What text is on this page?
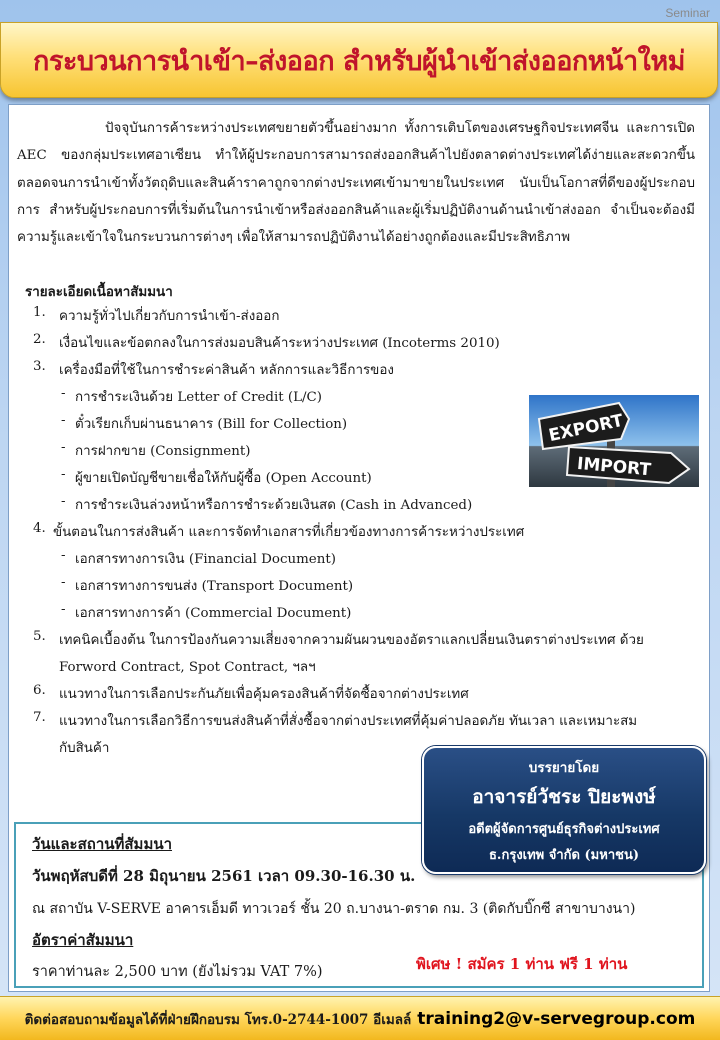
Seminar
กระบวนการนำเข้า–ส่งออก สำหรับผู้นำเข้าส่งออกหน้าใหม่

ปัจจุบันการค้าระหว่างประเทศขยายตัวขึ้นอย่างมาก ทั้งการเติบโตของเศรษฐกิจประเทศจีน และการเปิด AEC ของกลุ่มประเทศอาเซียน ทำให้ผู้ประกอบการสามารถส่งออกสินค้าไปยังตลาดต่างประเทศได้ง่ายและสะดวกขึ้น ตลอดจนการนำเข้าทั้งวัตถุดิบและสินค้าราคาถูกจากต่างประเทศเข้ามาขายในประเทศ นับเป็นโอกาสที่ดีของผู้ประกอบการ สำหรับผู้ประกอบการที่เริ่มต้นในการนำเข้าหรือส่งออกสินค้าและผู้เริ่มปฏิบัติงานด้านนำเข้าส่งออก จำเป็นจะต้องมีความรู้และเข้าใจในกระบวนการต่างๆ เพื่อให้สามารถปฏิบัติงานได้อย่างถูกต้องและมีประสิทธิภาพ

รายละเอียดเนื้อหาสัมมนา
1. ความรู้ทั่วไปเกี่ยวกับการนำเข้า-ส่งออก
2. เงื่อนไขและข้อตกลงในการส่งมอบสินค้าระหว่างประเทศ (Incoterms 2010)
3. เครื่องมือที่ใช้ในการชำระค่าสินค้า หลักการและวิธีการของ
- การชำระเงินด้วย Letter of Credit (L/C)
- ตั๋วเรียกเก็บผ่านธนาคาร (Bill for Collection)
- การฝากขาย (Consignment)
- ผู้ขายเปิดบัญชีขายเชื่อให้กับผู้ซื้อ (Open Account)
- การชำระเงินล่วงหน้าหรือการชำระด้วยเงินสด (Cash in Advanced)
4. ขั้นตอนในการส่งสินค้า และการจัดทำเอกสารที่เกี่ยวข้องทางการค้าระหว่างประเทศ
- เอกสารทางการเงิน (Financial Document)
- เอกสารทางการขนส่ง (Transport Document)
- เอกสารทางการค้า (Commercial Document)
5. เทคนิคเบื้องต้น ในการป้องกันความเสี่ยงจากความผันผวนของอัตราแลกเปลี่ยนเงินตราต่างประเทศ ด้วย
Forword Contract, Spot Contract, ฯลฯ
6. แนวทางในการเลือกประกันภัยเพื่อคุ้มครองสินค้าที่จัดซื้อจากต่างประเทศ
7. แนวทางในการเลือกวิธีการขนส่งสินค้าที่สั่งซื้อจากต่างประเทศที่คุ้มค่าปลอดภัย ทันเวลา และเหมาะสม
กับสินค้า
EXPORT
IMPORT
วันและสถานที่สัมมนา
วันพฤหัสบดีที่ 28 มิถุนายน 2561 เวลา 09.30-16.30 น.
ณ สถาบัน V-SERVE อาคารเอ็มดี ทาวเวอร์ ชั้น 20 ถ.บางนา-ตราด กม. 3 (ติดกับบิ๊กซี สาขาบางนา)
อัตราค่าสัมมนา
ราคาท่านละ 2,500 บาท (ยังไม่รวม VAT 7%)	พิเศษ ! สมัคร 1 ท่าน ฟรี 1 ท่าน
บรรยายโดย
อาจารย์วัชระ ปิยะพงษ์
อดีตผู้จัดการศูนย์ธุรกิจต่างประเทศ
ธ.กรุงเทพ จำกัด (มหาชน)
ติดต่อสอบถามข้อมูลได้ที่ฝ่ายฝึกอบรม โทร.0-2744-1007 อีเมลล์ training2@v-servegroup.com
